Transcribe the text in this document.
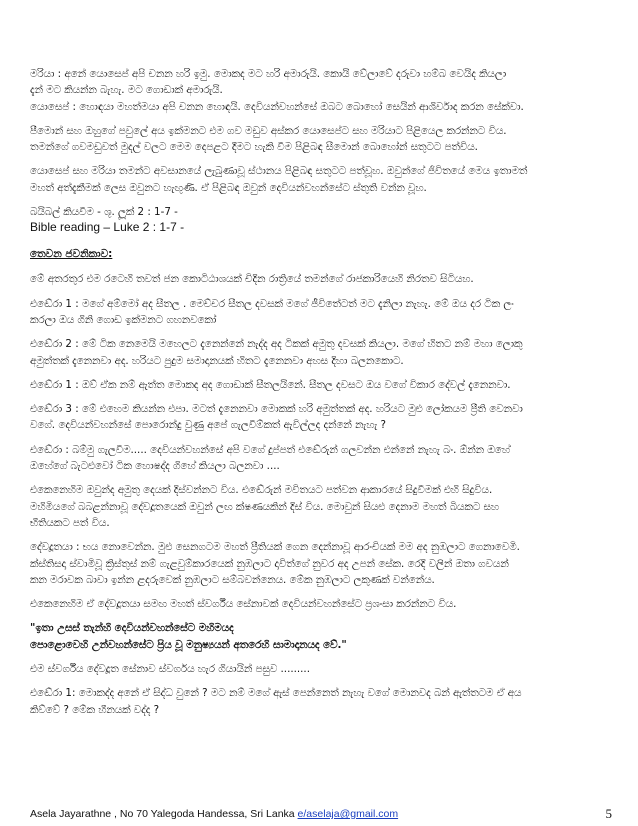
මරියා : අනේ යොසෙප් අපි චනන හරි ඉමු. මොකද මට හරි අමාරුයි. කොයි වේලාවේ දරුවා හම්බ වෙයිද කියලා
දැන් මට කියන්න බැහැ. මට ගොඩාක් අමාරුයි.
යොසෙප් : හොඳයා මහත්මයා අපි චනන හොඳයි. දෙවියන්වහන්සේ ඔබට බොහෝ සෙයින් ආශිර්වාද කරන සේක්වා.
පීමොන් සහ ඔහුගේ පවුලේ අය ඉක්මනට එම ගව මඩුව අස්කර යොසෙප්ට සහ මරියාට පිළියෙල කරන්නට විය.
තමන්ගේ ගවමඩුවත් මුදල් වලට මෙම දෙපළට දීමට හැකි වීම පිළිබඳ සීමොන් බොහෝන් සතුටට පත්විය.
යොසෙප් සහ මරියා තමන්ට අවසානයේ ලැබුණාවූ ස්ථානය පිළිබඳ සතුටට පත්වූහ. ඔවුන්ගේ ජිවිතයේ මෙය ඉතාමත්
මහත් අත්දැකීමක් ලෙස ඔවුනට හැඟුණි. ඒ පිළිබඳ ඔවුන් දෙවියන්වහන්සේට ස්තුති වන්න වූහ.
බයිබල් කියවීම - ශු. ලූක් 2 : 1-7 -
Bible reading – Luke 2 : 1-7 -
තෙවන ජවනිකාව:
මේ අතරතුර එම රටෙහි තවත් ජන කොටිඨාශයක් චිදින රාත්‍රියේ තමන්ගේ රාජකාරියෙහි නිරතව සිටියහ.
එඬේරා 1 : මගේ අම්මෝ අද සීතල . මෙච්චර සීතල දවසක් මගේ ජීවිතේටත් මට දැනිලා නැහැ. මේ ඔය දර ටික ලං
කරලා ඔය ගිනි ගොඩ ඉක්මනට ගහනවකෝ
එඬේරා 2 : මේ ටික නෙමෙයි මහෙලට දැනෙන්නේ නැද්ද අද ටිකක් අමුතු දවසක් කියලා. මගේ හිතට නම් මහා ලොකු
අමුත්තක් දැනෙනවා අද. හරියට පුදුම සමාදානයක් හිතට දැනෙනවා අහස දිහා බලනකොට.
එඬේරා 1 : ඔව් ඒක නම් ඇත්ත මොකද අද ගොඩාක් සීතලයිනේ. සීතල දවසට ඔය වගේ විකාර දේවල් දැනෙනවා.
එඬේරා 3 : මේ එහෙම කියන්න එපා. මටත් දැනෙනවා මොකක් හරි අමුත්තක් අද. හරියට මුළු ලෝකයම ප්‍රීති වෙනවා
වගේ. දෙවියන්වහන්සේ පොරොන්දු වුණු අපේ ගැලවීම්කත් ඇවිල්ලද දන්නේ නැහැ ?
එඬේරා : බම්මු ගැලවීම..... දෙවියන්වහන්සේ අපි වගේ දුප්පත් එඬේරුන් ගලවන්න එන්නේ නැහැ බං. ඕන්න ඔහේ
ඔහේගේ බැටළුවෝ ටික හොෂද්ද ගිහේ කියලා බලනවා ....
එකෙනෙහිම ඔවුන්ද අමුතු දෙයක් දිස්වන්නට විය. එඬේරුන් මවිතයට පත්වන ආකාරයේ සිදුවීමක් එහි සිදුවිය.
මහිමියගේ බබළන්නාවූ දේවදූතයෙක් ඔවුන් ලඟ ක්ෂණයකින් දිස් විය. මොවුන් සියළු දෙනාම මහත් බියකට සහ
භීතියකට පත් විය.
දේවදූතයා : භය නොවෙන්න. මුළු සෙනගටම මහත් ප්‍රීතියක් ගෙන දෙන්නාවූ ආරංචියක් මම අද නුඹලාට ගෙනාවෙමි.
ක්ස්තිසදා ස්වාමිවූ ක්‍රිස්තුස් නම් ගැළවුම්කාරයෙක් නුඹලාට දාවිත්ගේ නුවර අද උපන් සේක. රෙදි වලින් ඔතා ගවයන්
කන මරාවක බාවා ඉන්න ළදරුවෙක් නුඹලාට සම්බවන්නෙය. මේක නුඹලාට ලකුණක් වන්නේය.
එකෙනෙහිම ඒ දේවදූතයා සමඟ මහත් ස්වර්ගීය සේනාවක් දෙවියන්වහන්සේට ප්‍රශංසා කරන්නට විය.
"ඉතා උසස් තැන්හි දෙවියන්වහන්සේට මහිමයද
පොළොවෙහි උන්වහන්සේට ප්‍රිය වූ මනුෂ්‍යයන් අතරෙහි සාමාදානයද වේ."
එම ස්වර්ගීය දේවදූත සේනාව ස්වර්ගය හැර ගියායින් පසුව .........
එඬේරා 1: මොකද්ද අනේ ඒ සිද්ධ වුනේ ? මට නම් මගේ ඇස් පෙන්නෙත් නැහැ වගේ මොනවද බන් ඇත්තටම ඒ අය
කිව්වේ ? මේක හීනයක් වද්ද ?
Asela Jayarathne , No 70 Yalegoda Handessa, Sri Lanka e/aselaja@gmail.com	5
